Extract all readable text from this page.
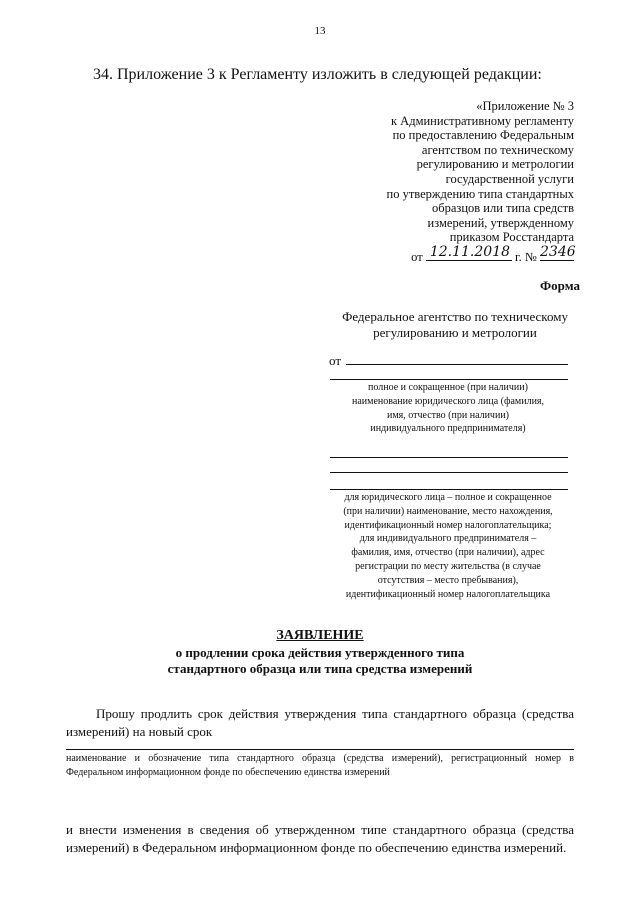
13
34. Приложение 3 к Регламенту изложить в следующей редакции:
«Приложение № 3
к Административному регламенту
по предоставлению Федеральным
агентством по техническому
регулированию и метрологии
государственной услуги
по утверждению типа стандартных
образцов или типа средств
измерений, утвержденному
приказом Росстандарта
от 12.11.2018 г. № 2346
Форма
Федеральное агентство по техническому
регулированию и метрологии
от
полное и сокращенное (при наличии)
наименование юридического лица (фамилия,
имя, отчество (при наличии)
индивидуального предпринимателя)
для юридического лица – полное и сокращенное
(при наличии) наименование, место нахождения,
идентификационный номер налогоплательщика;
для индивидуального предпринимателя –
фамилия, имя, отчество (при наличии), адрес
регистрации по месту жительства (в случае
отсутствия – место пребывания),
идентификационный номер налогоплательщика
ЗАЯВЛЕНИЕ
о продлении срока действия утвержденного типа
стандартного образца или типа средства измерений
Прошу продлить срок действия утверждения типа стандартного образца (средства измерений) на новый срок
наименование и обозначение типа стандартного образца (средства измерений), регистрационный номер в Федеральном информационном фонде по обеспечению единства измерений
и внести изменения в сведения об утвержденном типе стандартного образца (средства измерений) в Федеральном информационном фонде по обеспечению единства измерений.
